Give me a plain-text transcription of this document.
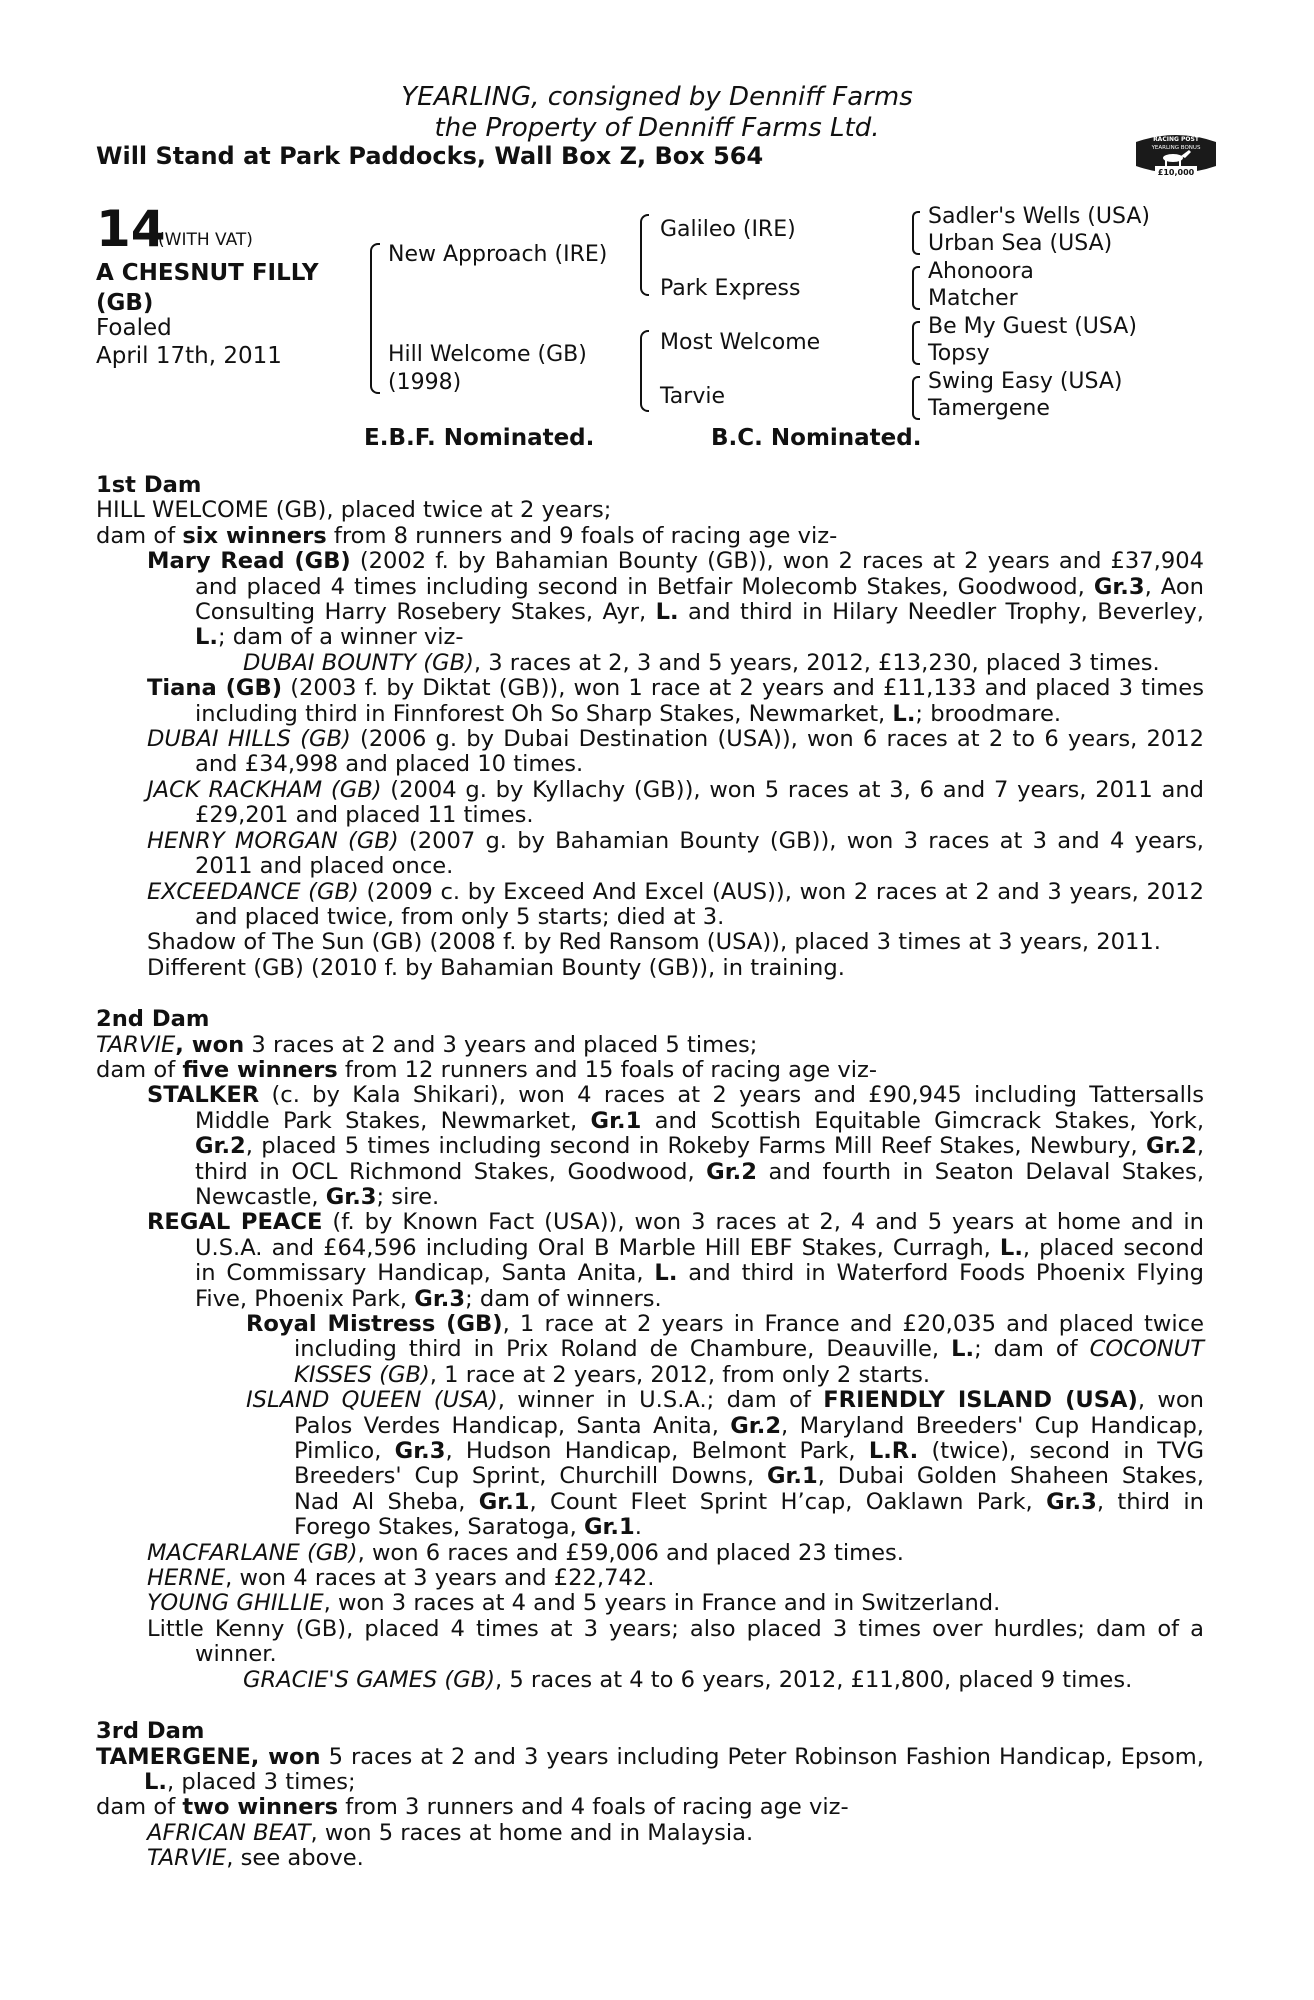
YEARLING, consigned by Denniff Farms
the Property of Denniff Farms Ltd.
Will Stand at Park Paddocks, Wall Box Z, Box 564
RACING POST
YEARLING BONUS
£10,000
14
(WITH VAT)
A CHESNUT FILLY
(GB)
Foaled
April 17th, 2011
New Approach (IRE)
Hill Welcome (GB)
(1998)
Galileo (IRE)
Park Express
Most Welcome
Tarvie
Sadler's Wells (USA)
Urban Sea (USA)
Ahonoora
Matcher
Be My Guest (USA)
Topsy
Swing Easy (USA)
Tamergene
E.B.F. Nominated.	B.C. Nominated.

1st Dam

HILL WELCOME (GB), placed twice at 2 years;

dam of six winners from 8 runners and 9 foals of racing age viz-

Mary Read (GB) (2002 f. by Bahamian Bounty (GB)), won 2 races at 2 years and £37,904 and placed 4 times including second in Betfair Molecomb Stakes, Goodwood, Gr.3, Aon Consulting Harry Rosebery Stakes, Ayr, L. and third in Hilary Needler Trophy, Beverley, L.; dam of a winner viz-

DUBAI BOUNTY (GB), 3 races at 2, 3 and 5 years, 2012, £13,230, placed 3 times.

Tiana (GB) (2003 f. by Diktat (GB)), won 1 race at 2 years and £11,133 and placed 3 times including third in Finnforest Oh So Sharp Stakes, Newmarket, L.; broodmare.

DUBAI HILLS (GB) (2006 g. by Dubai Destination (USA)), won 6 races at 2 to 6 years, 2012 and £34,998 and placed 10 times.

JACK RACKHAM (GB) (2004 g. by Kyllachy (GB)), won 5 races at 3, 6 and 7 years, 2011 and £29,201 and placed 11 times.

HENRY MORGAN (GB) (2007 g. by Bahamian Bounty (GB)), won 3 races at 3 and 4 years, 2011 and placed once.

EXCEEDANCE (GB) (2009 c. by Exceed And Excel (AUS)), won 2 races at 2 and 3 years, 2012 and placed twice, from only 5 starts; died at 3.

Shadow of The Sun (GB) (2008 f. by Red Ransom (USA)), placed 3 times at 3 years, 2011.

Different (GB) (2010 f. by Bahamian Bounty (GB)), in training.

2nd Dam

TARVIE, won 3 races at 2 and 3 years and placed 5 times;

dam of five winners from 12 runners and 15 foals of racing age viz-

STALKER (c. by Kala Shikari), won 4 races at 2 years and £90,945 including Tattersalls Middle Park Stakes, Newmarket, Gr.1 and Scottish Equitable Gimcrack Stakes, York, Gr.2, placed 5 times including second in Rokeby Farms Mill Reef Stakes, Newbury, Gr.2, third in OCL Richmond Stakes, Goodwood, Gr.2 and fourth in Seaton Delaval Stakes, Newcastle, Gr.3; sire.

REGAL PEACE (f. by Known Fact (USA)), won 3 races at 2, 4 and 5 years at home and in U.S.A. and £64,596 including Oral B Marble Hill EBF Stakes, Curragh, L., placed second in Commissary Handicap, Santa Anita, L. and third in Waterford Foods Phoenix Flying Five, Phoenix Park, Gr.3; dam of winners.

Royal Mistress (GB), 1 race at 2 years in France and £20,035 and placed twice including third in Prix Roland de Chambure, Deauville, L.; dam of COCONUT KISSES (GB), 1 race at 2 years, 2012, from only 2 starts.

ISLAND QUEEN (USA), winner in U.S.A.; dam of FRIENDLY ISLAND (USA), won Palos Verdes Handicap, Santa Anita, Gr.2, Maryland Breeders' Cup Handicap, Pimlico, Gr.3, Hudson Handicap, Belmont Park, L.R. (twice), second in TVG Breeders' Cup Sprint, Churchill Downs, Gr.1, Dubai Golden Shaheen Stakes, Nad Al Sheba, Gr.1, Count Fleet Sprint H’cap, Oaklawn Park, Gr.3, third in Forego Stakes, Saratoga, Gr.1.

MACFARLANE (GB), won 6 races and £59,006 and placed 23 times.

HERNE, won 4 races at 3 years and £22,742.

YOUNG GHILLIE, won 3 races at 4 and 5 years in France and in Switzerland.

Little Kenny (GB), placed 4 times at 3 years; also placed 3 times over hurdles; dam of a winner.

GRACIE'S GAMES (GB), 5 races at 4 to 6 years, 2012, £11,800, placed 9 times.

3rd Dam

TAMERGENE, won 5 races at 2 and 3 years including Peter Robinson Fashion Handicap, Epsom, L., placed 3 times;

dam of two winners from 3 runners and 4 foals of racing age viz-

AFRICAN BEAT, won 5 races at home and in Malaysia.

TARVIE, see above.
